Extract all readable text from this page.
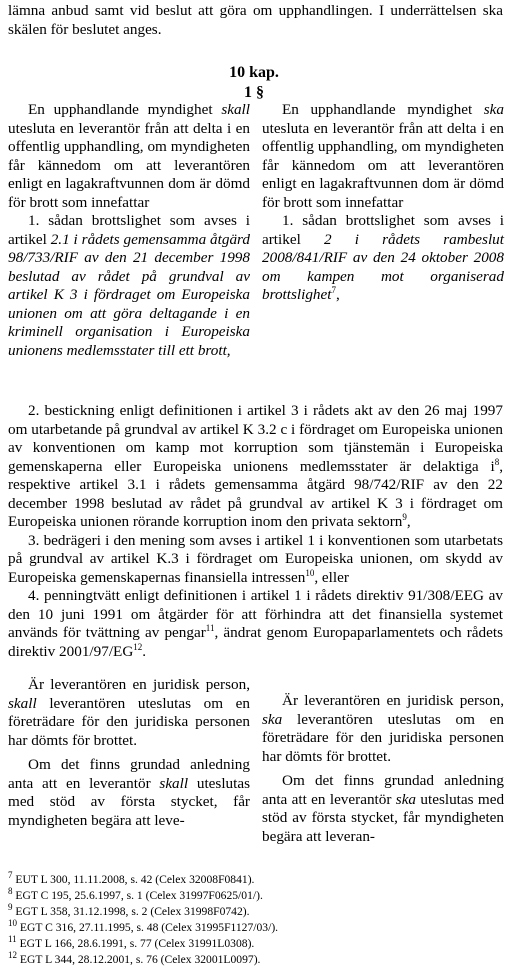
lämna anbud samt vid beslut att göra om upphandlingen. I underrättelsen ska skälen för beslutet anges.

10 kap.
1 §

En upphandlande myndighet skall utesluta en leverantör från att delta i en offentlig upphandling, om myndigheten får kännedom om att leverantören enligt en lagakraftvunnen dom är dömd för brott som innefattar

1. sådan brottslighet som avses i artikel 2.1 i rådets gemensamma åtgärd 98/733/RIF av den 21 december 1998 beslutad av rådet på grundval av artikel K 3 i fördraget om Europeiska unionen om att göra deltagande i en kriminell organisation i Europeiska unionens medlemsstater till ett brott,

En upphandlande myndighet ska utesluta en leverantör från att delta i en offentlig upphandling, om myndigheten får kännedom om att leverantören enligt en lagakraftvunnen dom är dömd för brott som innefattar

1. sådan brottslighet som avses i artikel 2 i rådets rambeslut 2008/841/RIF av den 24 oktober 2008 om kampen mot organiserad brottslighet$^7$,

2. bestickning enligt definitionen i artikel 3 i rådets akt av den 26 maj 1997 om utarbetande på grundval av artikel K 3.2 c i fördraget om Europeiska unionen av konventionen om kamp mot korruption som tjänstemän i Europeiska gemenskaperna eller Europeiska unionens medlemsstater är delaktiga $i^8$, respektive artikel 3.1 i rådets gemensamma åtgärd 98/742/RIF av den 22 december 1998 beslutad av rådet på grundval av artikel K 3 i fördraget om Europeiska unionen rörande korruption inom den privata sektorn$^9$,

3. bedrägeri i den mening som avses i artikel 1 i konventionen som utarbetats på grundval av artikel K.3 i fördraget om Europeiska unionen, om skydd av Europeiska gemenskapernas finansiella intressen$^{10}$, eller

4. penningtvätt enligt definitionen i artikel 1 i rådets direktiv 91/308/EEG av den 10 juni 1991 om åtgärder för att förhindra att det finansiella systemet används för tvättning av pengar$^{11}$, ändrat genom Europaparlamentets och rådets direktiv 2001/97/EG$^{12}$.

Är leverantören en juridisk person, skall leverantören uteslutas om en företrädare för den juridiska personen har dömts för brottet.

Om det finns grundad anledning anta att en leverantör skall uteslutas med stöd av första stycket, får myndigheten begära att leve-

Är leverantören en juridisk person, ska leverantören uteslutas om en företrädare för den juridiska personen har dömts för brottet.

Om det finns grundad anledning anta att en leverantör ska uteslutas med stöd av första stycket, får myndigheten begära att leveran-

$^7$ EUT L 300, 11.11.2008, s. 42 (Celex 32008F0841).
$^8$ EGT C 195, 25.6.1997, s. 1 (Celex 31997F0625/01/).
$^9$ EGT L 358, 31.12.1998, s. 2 (Celex 31998F0742).
$^{10}$ EGT C 316, 27.11.1995, s. 48 (Celex 31995F1127/03/).
$^{11}$ EGT L 166, 28.6.1991, s. 77 (Celex 31991L0308).
$^{12}$ EGT L 344, 28.12.2001, s. 76 (Celex 32001L0097).
